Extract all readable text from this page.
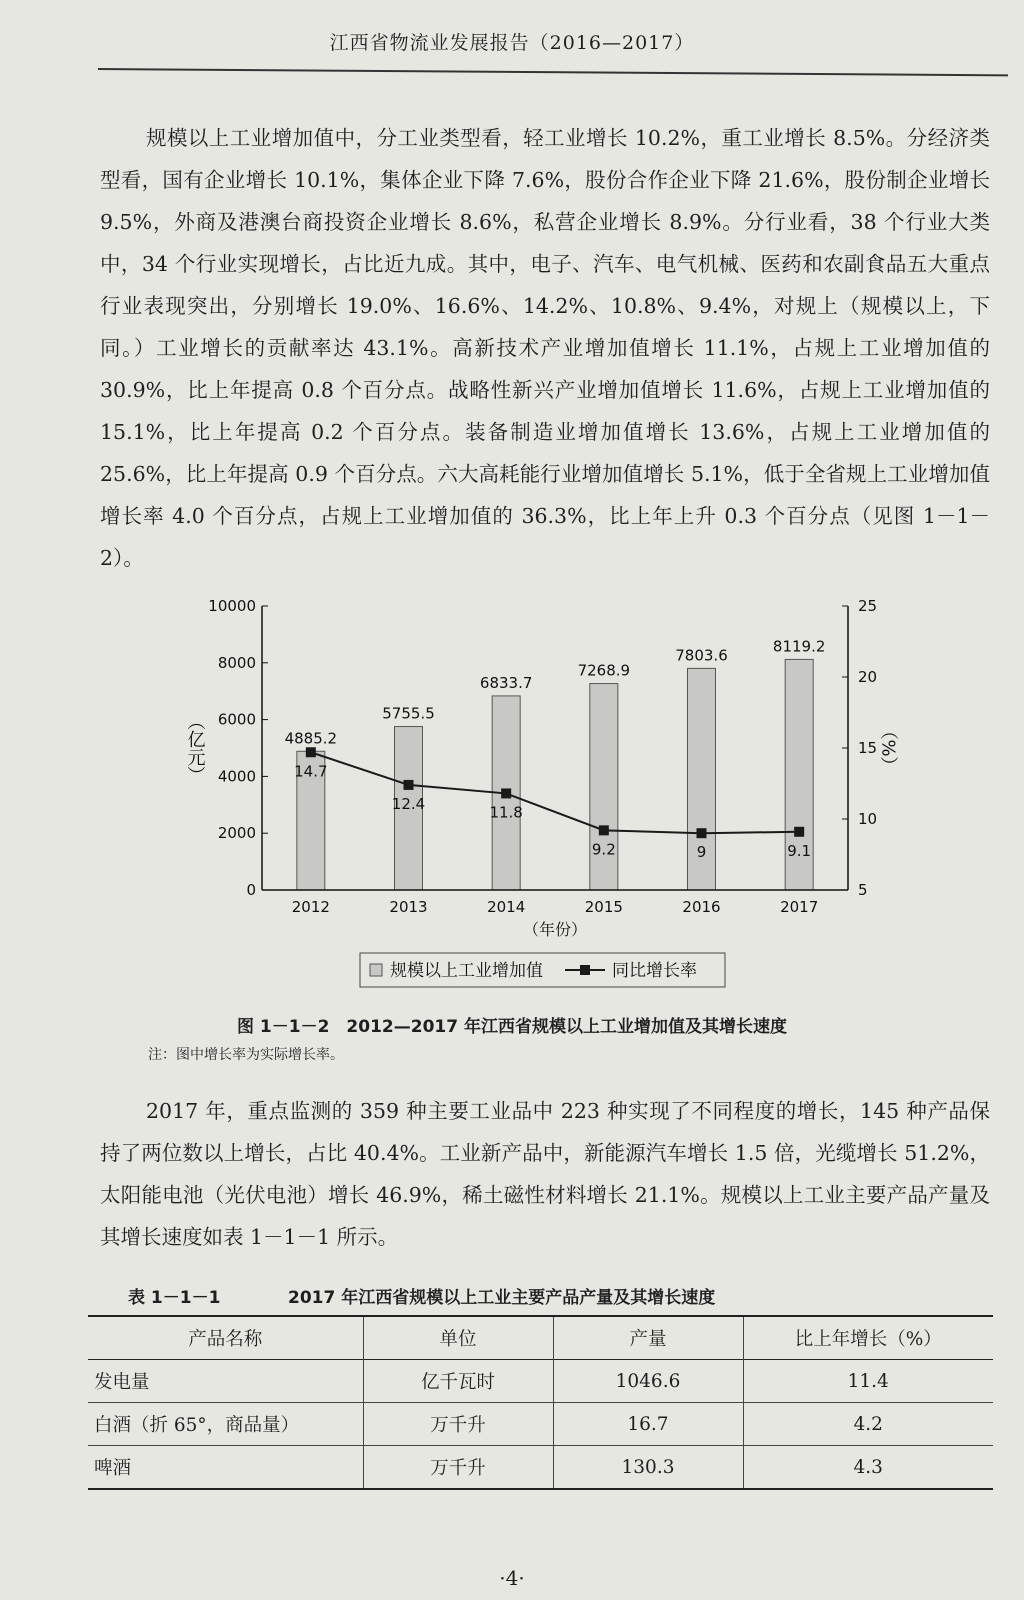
江西省物流业发展报告（2016—2017）

规模以上工业增加值中，分工业类型看，轻工业增长 10.2%，重工业增长 8.5%。分经济类型看，国有企业增长 10.1%，集体企业下降 7.6%，股份合作企业下降 21.6%，股份制企业增长 9.5%，外商及港澳台商投资企业增长 8.6%，私营企业增长 8.9%。分行业看，38 个行业大类中，34 个行业实现增长，占比近九成。其中，电子、汽车、电气机械、医药和农副食品五大重点行业表现突出，分别增长 19.0%、16.6%、14.2%、10.8%、9.4%，对规上（规模以上，下同。）工业增长的贡献率达 43.1%。高新技术产业增加值增长 11.1%，占规上工业增加值的 30.9%，比上年提高 0.8 个百分点。战略性新兴产业增加值增长 11.6%，占规上工业增加值的 15.1%，比上年提高 0.2 个百分点。装备制造业增加值增长 13.6%，占规上工业增加值的 25.6%，比上年提高 0.9 个百分点。六大高耗能行业增加值增长 5.1%，低于全省规上工业增加值增长率 4.0 个百分点，占规上工业增加值的 36.3%，比上年上升 0.3 个百分点（见图 1－1－2）。

4885.2
5755.5
6833.7
7268.9
7803.6	8119.2
0
2000
4000
6000
8000
10000
5
10
15
20
25
2012	2013	2014	2015	2016	2017
（年份）
（亿元）	（%）
14.7
12.4	11.8
9.2	9	9.1
规模以上工业增加值	同比增长率
图 1－1－2　2012—2017 年江西省规模以上工业增加值及其增长速度
注：图中增长率为实际增长率。

2017 年，重点监测的 359 种主要工业品中 223 种实现了不同程度的增长，145 种产品保持了两位数以上增长，占比 40.4%。工业新产品中，新能源汽车增长 1.5 倍，光缆增长 51.2%，太阳能电池（光伏电池）增长 46.9%，稀土磁性材料增长 21.1%。规模以上工业主要产品产量及其增长速度如表 1－1－1 所示。

表 1－1－1	2017 年江西省规模以上工业主要产品产量及其增长速度
产品名称	单位	产量	比上年增长（%）
发电量	亿千瓦时	1046.6	11.4
白酒（折 65°，商品量）	万千升	16.7	4.2
啤酒	万千升	130.3	4.3
·4·
